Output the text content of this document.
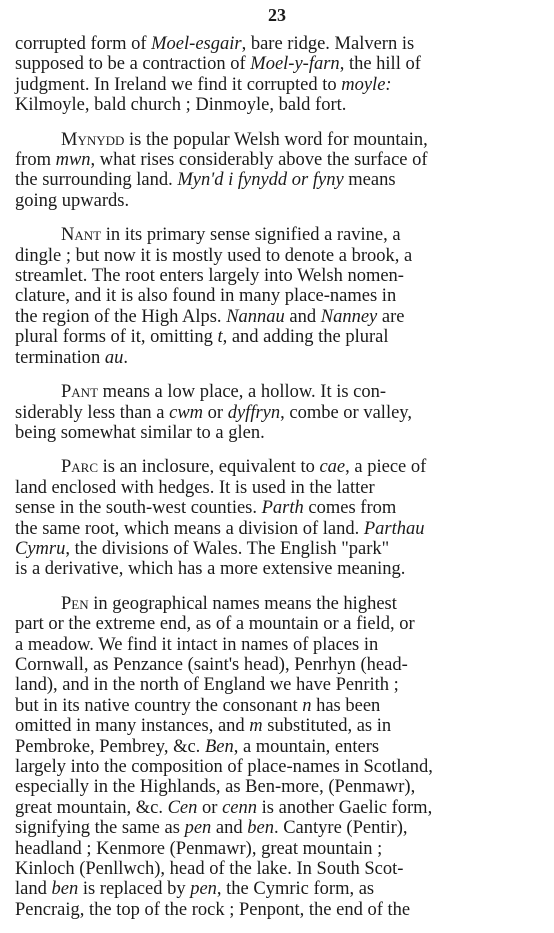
23
corrupted form of Moel-esgair, bare ridge. Malvern is
supposed to be a contraction of Moel-y-farn, the hill of
judgment. In Ireland we find it corrupted to moyle:
Kilmoyle, bald church ; Dinmoyle, bald fort.
Mynydd is the popular Welsh word for mountain,
from mwn, what rises considerably above the surface of
the surrounding land. Myn'd i fynydd or fyny means
going upwards.
Nant in its primary sense signified a ravine, a
dingle ; but now it is mostly used to denote a brook, a
streamlet. The root enters largely into Welsh nomen-
clature, and it is also found in many place-names in
the region of the High Alps. Nannau and Nanney are
plural forms of it, omitting t, and adding the plural
termination au.
Pant means a low place, a hollow. It is con-
siderably less than a cwm or dyffryn, combe or valley,
being somewhat similar to a glen.
Parc is an inclosure, equivalent to cae, a piece of
land enclosed with hedges. It is used in the latter
sense in the south-west counties. Parth comes from
the same root, which means a division of land. Parthau
Cymru, the divisions of Wales. The English "park"
is a derivative, which has a more extensive meaning.
Pen in geographical names means the highest
part or the extreme end, as of a mountain or a field, or
a meadow. We find it intact in names of places in
Cornwall, as Penzance (saint's head), Penrhyn (head-
land), and in the north of England we have Penrith ;
but in its native country the consonant n has been
omitted in many instances, and m substituted, as in
Pembroke, Pembrey, &c. Ben, a mountain, enters
largely into the composition of place-names in Scotland,
especially in the Highlands, as Ben-more, (Penmawr),
great mountain, &c. Cen or cenn is another Gaelic form,
signifying the same as pen and ben. Cantyre (Pentir),
headland ; Kenmore (Penmawr), great mountain ;
Kinloch (Penllwch), head of the lake. In South Scot-
land ben is replaced by pen, the Cymric form, as
Pencraig, the top of the rock ; Penpont, the end of the
